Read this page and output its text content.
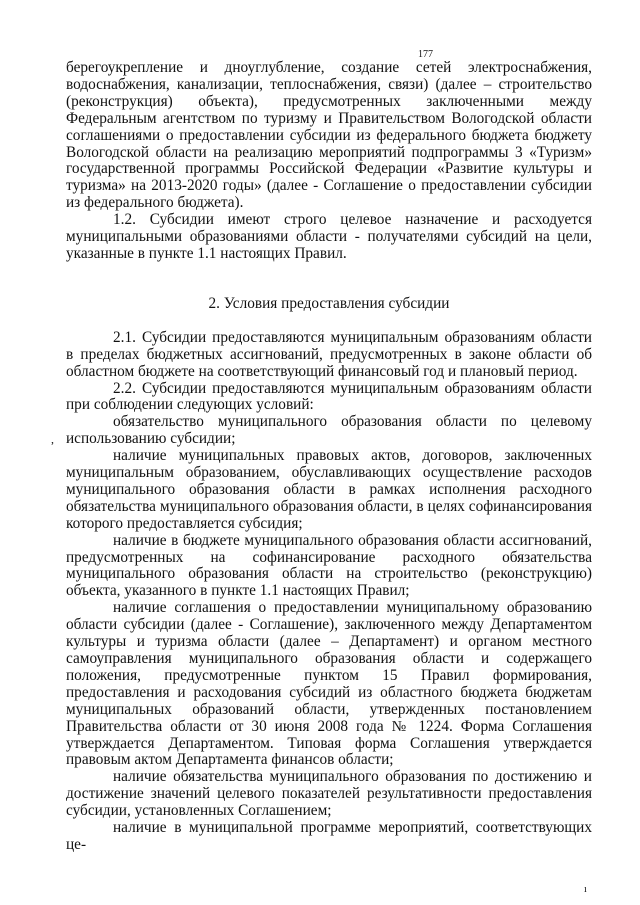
177
,

берегоукрепление и дноуглубление, создание сетей электроснабжения, водоснабжения, канализации, теплоснабжения, связи) (далее – строительство (реконструкция) объекта), предусмотренных заключенными между Федеральным агентством по туризму и Правительством Вологодской области соглашениями о предоставлении субсидии из федерального бюджета бюджету Вологодской области на реализацию мероприятий подпрограммы 3 «Туризм» государственной программы Российской Федерации «Развитие культуры и туризма» на 2013-2020 годы» (далее - Соглашение о предоставлении субсидии из федерального бюджета).

1.2. Субсидии имеют строго целевое назначение и расходуется муниципальными образованиями области - получателями субсидий на цели, указанные в пункте 1.1 настоящих Правил.

2. Условия предоставления субсидии

2.1. Субсидии предоставляются муниципальным образованиям области в пределах бюджетных ассигнований, предусмотренных в законе области об областном бюджете на соответствующий финансовый год и плановый период.

2.2. Субсидии предоставляются муниципальным образованиям области при соблюдении следующих условий:

обязательство муниципального образования области по целевому использованию субсидии;

наличие муниципальных правовых актов, договоров, заключенных муниципальным образованием, обуславливающих осуществление расходов муниципального образования области в рамках исполнения расходного обязательства муниципального образования области, в целях софинансирования которого предоставляется субсидия;

наличие в бюджете муниципального образования области ассигнований, предусмотренных на софинансирование расходного обязательства муниципального образования области на строительство (реконструкцию) объекта, указанного в пункте 1.1 настоящих Правил;

наличие соглашения о предоставлении муниципальному образованию области субсидии (далее - Соглашение), заключенного между Департаментом культуры и туризма области (далее – Департамент) и органом местного самоуправления муниципального образования области и содержащего положения, предусмотренные пунктом 15 Правил формирования, предоставления и расходования субсидий из областного бюджета бюджетам муниципальных образований области, утвержденных постановлением Правительства области от 30 июня 2008 года № 1224. Форма Соглашения утверждается Департаментом. Типовая форма Соглашения утверждается правовым актом Департамента финансов области;

наличие обязательства муниципального образования по достижению и достижение значений целевого показателей результативности предоставления субсидии, установленных Соглашением;

наличие в муниципальной программе мероприятий, соответствующих це-

ı
